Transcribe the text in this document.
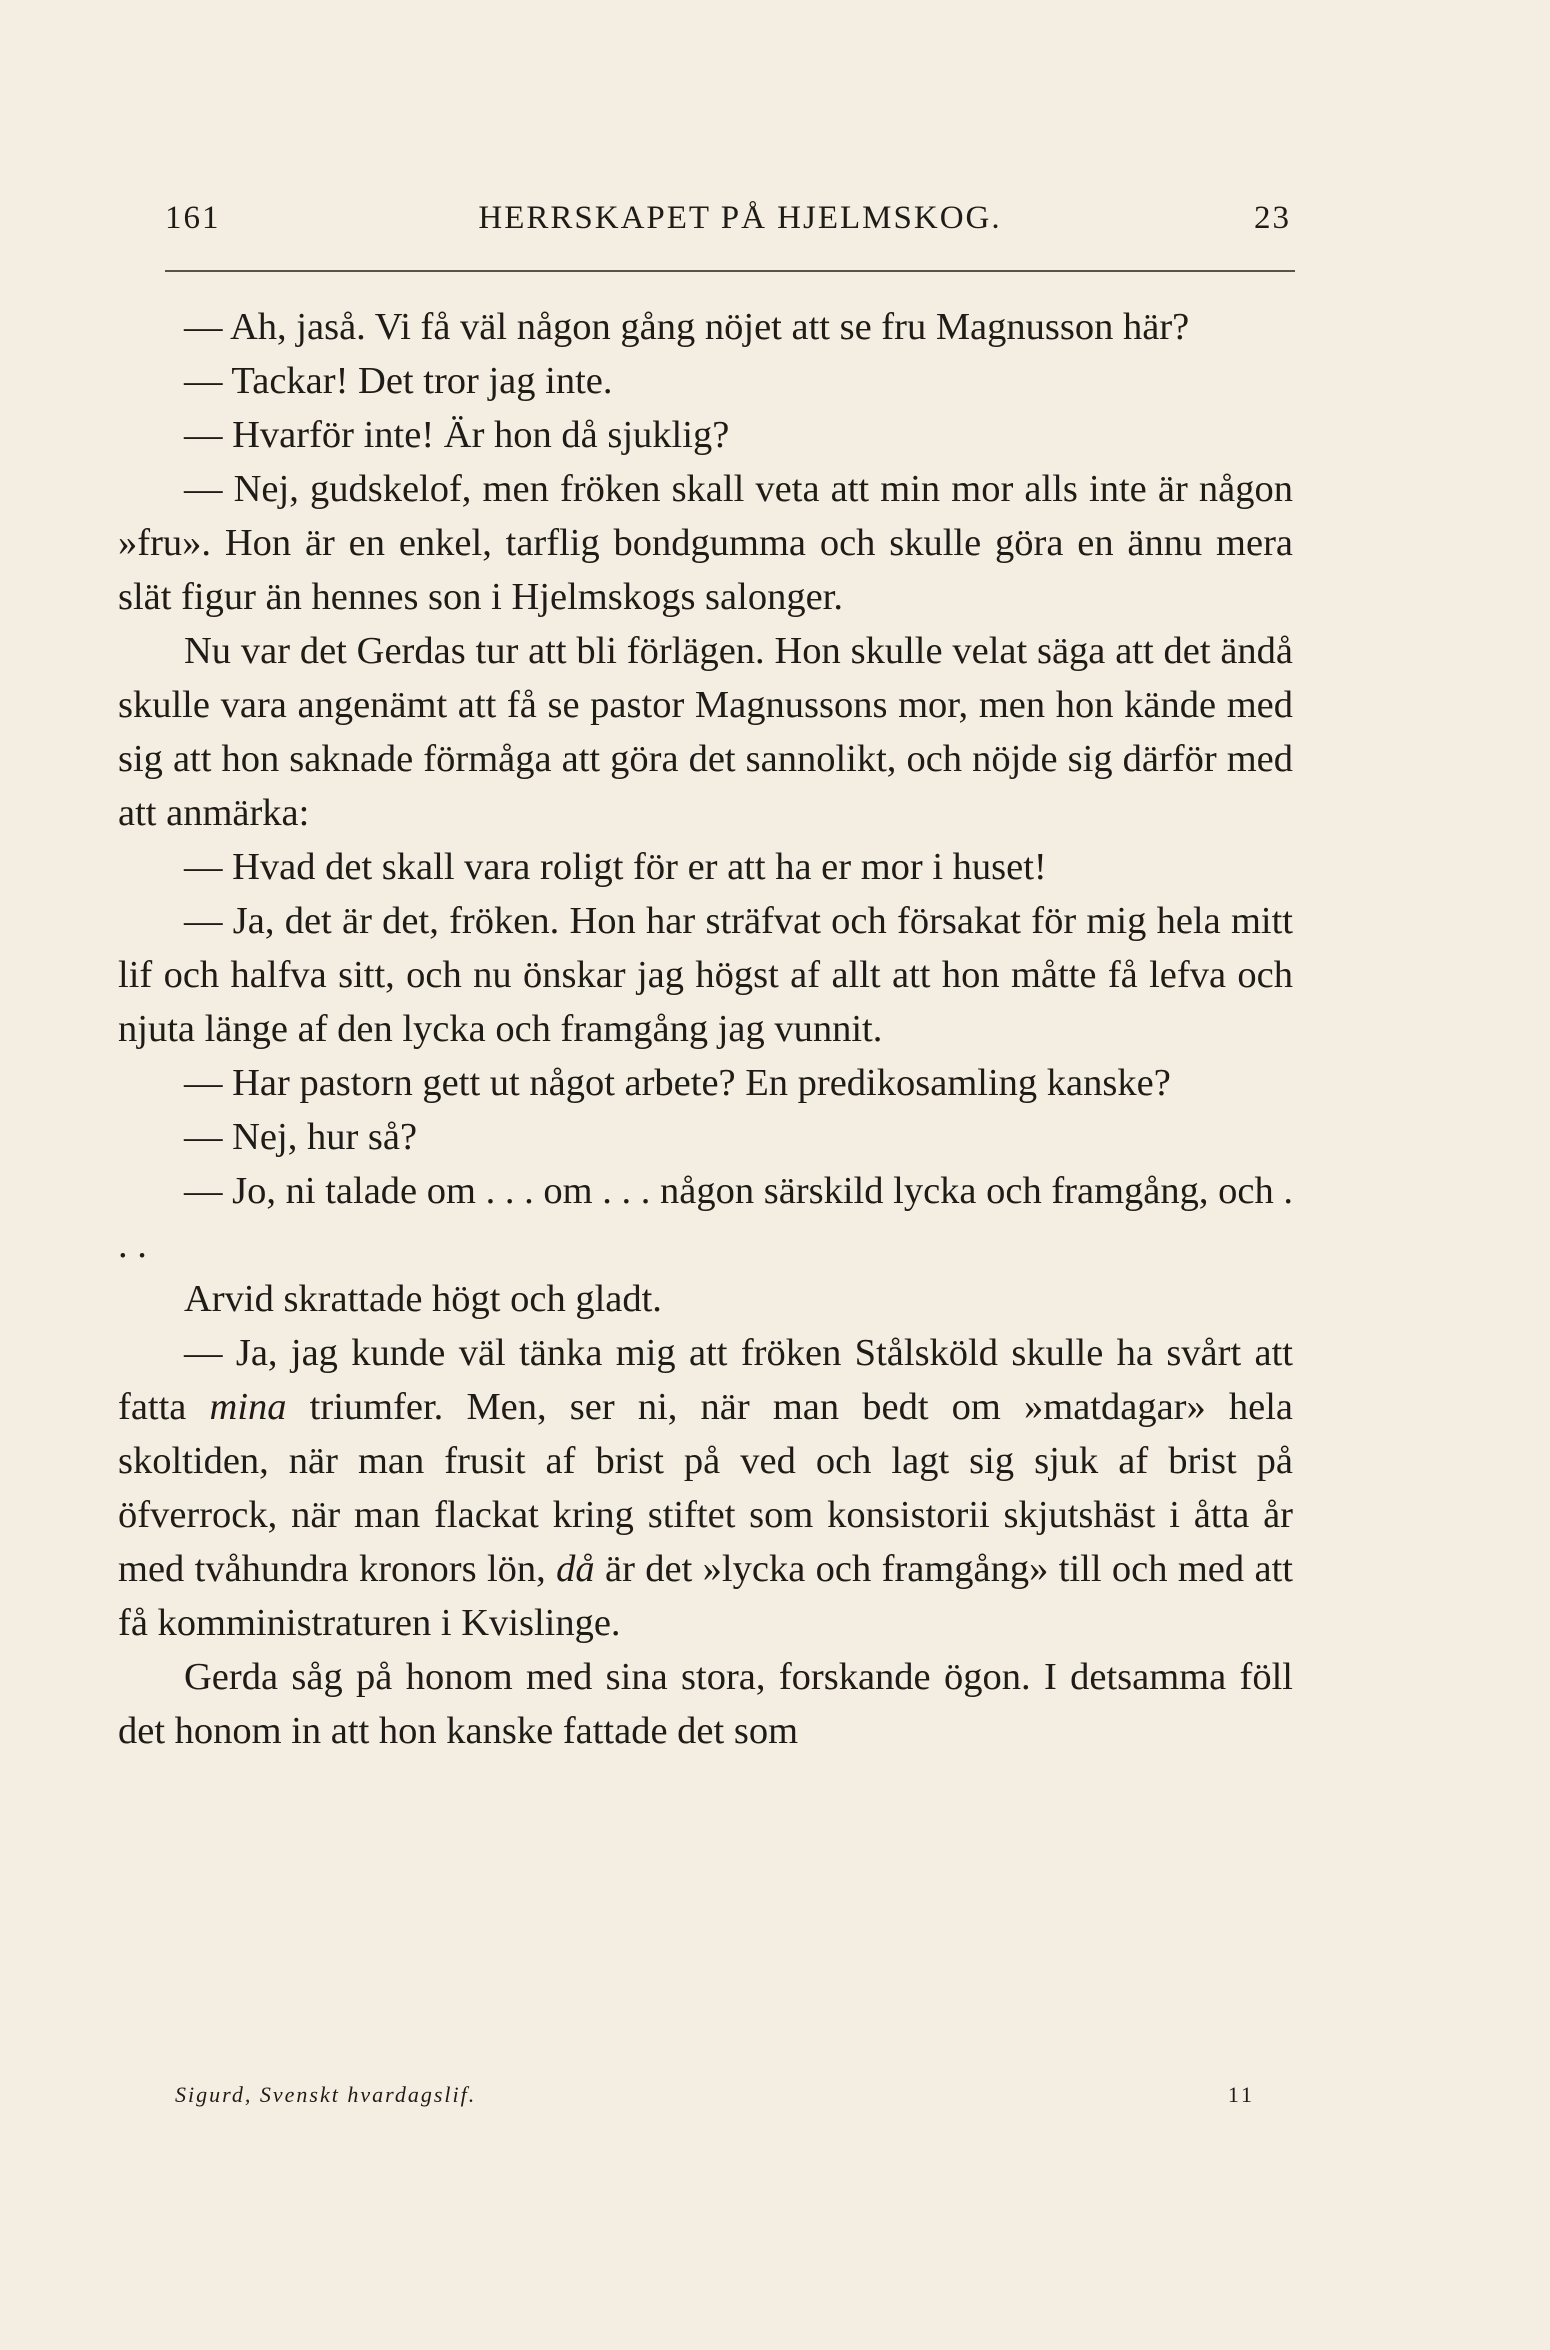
161	HERRSKAPET PÅ HJELMSKOG.	23

— Ah, jaså. Vi få väl någon gång nöjet att se fru Magnusson här?

— Tackar! Det tror jag inte.

— Hvarför inte! Är hon då sjuklig?

— Nej, gudskelof, men fröken skall veta att min mor alls inte är någon »fru». Hon är en enkel, tarflig bondgumma och skulle göra en ännu mera slät figur än hennes son i Hjelmskogs salonger.

Nu var det Gerdas tur att bli förlägen. Hon skulle velat säga att det ändå skulle vara angenämt att få se pastor Magnussons mor, men hon kände med sig att hon saknade förmåga att göra det sannolikt, och nöjde sig därför med att anmärka:

— Hvad det skall vara roligt för er att ha er mor i huset!

— Ja, det är det, fröken. Hon har sträfvat och försakat för mig hela mitt lif och halfva sitt, och nu önskar jag högst af allt att hon måtte få lefva och njuta länge af den lycka och framgång jag vunnit.

— Har pastorn gett ut något arbete? En predikosamling kanske?

— Nej, hur så?

— Jo, ni talade om . . . om . . . någon särskild lycka och framgång, och . . .

Arvid skrattade högt och gladt.

— Ja, jag kunde väl tänka mig att fröken Stålsköld skulle ha svårt att fatta mina triumfer. Men, ser ni, när man bedt om »matdagar» hela skoltiden, när man frusit af brist på ved och lagt sig sjuk af brist på öfverrock, när man flackat kring stiftet som konsistorii skjutshäst i åtta år med tvåhundra kronors lön, då är det »lycka och framgång» till och med att få komministraturen i Kvislinge.

Gerda såg på honom med sina stora, forskande ögon. I detsamma föll det honom in att hon kanske fattade det som

Sigurd, Svenskt hvardagslif.	11
